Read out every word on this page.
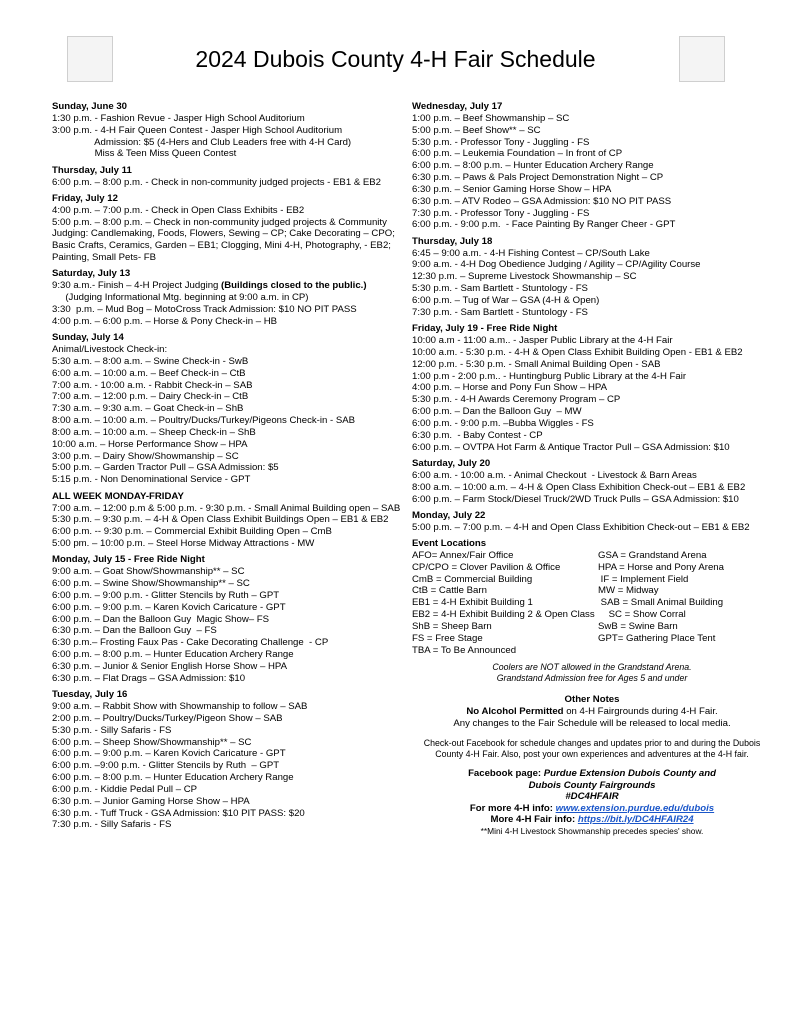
2024 Dubois County 4-H Fair Schedule
Sunday, June 30
1:30 p.m. - Fashion Revue - Jasper High School Auditorium
3:00 p.m. - 4-H Fair Queen Contest - Jasper High School Auditorium
Admission: $5 (4-Hers and Club Leaders free with 4-H Card)
Miss & Teen Miss Queen Contest
Thursday, July 11
6:00 p.m. – 8:00 p.m. - Check in non-community judged projects - EB1 & EB2
Friday, July 12
4:00 p.m. – 7:00 p.m. - Check in Open Class Exhibits - EB2
5:00 p.m. – 8:00 p.m. – Check in non-community judged projects & Community
Judging: Candlemaking, Foods, Flowers, Sewing – CP; Cake Decorating – CPO;
Basic Crafts, Ceramics, Garden – EB1; Clogging, Mini 4-H, Photography, - EB2;
Painting, Small Pets- FB
Saturday, July 13
9:30 a.m.- Finish – 4-H Project Judging (Buildings closed to the public.)
(Judging Informational Mtg. beginning at 9:00 a.m. in CP)
3:30  p.m. – Mud Bog – MotoCross Track Admission: $10 NO PIT PASS
4:00 p.m. – 6:00 p.m. – Horse & Pony Check-in – HB
Sunday, July 14
Animal/Livestock Check-in:
5:30 a.m. – 8:00 a.m. – Swine Check-in - SwB
6:00 a.m. – 10:00 a.m. – Beef Check-in – CtB
7:00 a.m. - 10:00 a.m. - Rabbit Check-in – SAB
7:00 a.m. – 12:00 p.m. – Dairy Check-in – CtB
7:30 a.m. – 9:30 a.m. – Goat Check-in – ShB
8:00 a.m. – 10:00 a.m. – Poultry/Ducks/Turkey/Pigeons Check-in - SAB
8:00 a.m. – 10:00 a.m. – Sheep Check-in – ShB
10:00 a.m. – Horse Performance Show – HPA
3:00 p.m. – Dairy Show/Showmanship – SC
5:00 p.m. – Garden Tractor Pull – GSA Admission: $5
5:15 p.m. - Non Denominational Service - GPT
ALL WEEK MONDAY-FRIDAY
7:00 a.m. – 12:00 p.m & 5:00 p.m. - 9:30 p.m. - Small Animal Building open – SAB
5:30 p.m. – 9:30 p.m. – 4-H & Open Class Exhibit Buildings Open – EB1 & EB2
6:00 p.m. -- 9:30 p.m. – Commercial Exhibit Building Open – CmB
5:00 pm. – 10:00 p.m. – Steel Horse Midway Attractions - MW
Monday, July 15 - Free Ride Night
9:00 a.m. – Goat Show/Showmanship** – SC
6:00 p.m. – Swine Show/Showmanship** – SC
6:00 p.m. – 9:00 p.m. - Glitter Stencils by Ruth – GPT
6:00 p.m. – 9:00 p.m. – Karen Kovich Caricature - GPT
6:00 p.m. – Dan the Balloon Guy  Magic Show– FS
6:30 p.m. – Dan the Balloon Guy  – FS
6:30 p.m.– Frosting Faux Pas - Cake Decorating Challenge  - CP
6:00 p.m. – 8:00 p.m. – Hunter Education Archery Range
6:30 p.m. – Junior & Senior English Horse Show – HPA
6:30 p.m. – Flat Drags – GSA Admission: $10
Tuesday, July 16
9:00 a.m. – Rabbit Show with Showmanship to follow – SAB
2:00 p.m. – Poultry/Ducks/Turkey/Pigeon Show – SAB
5:30 p.m. - Silly Safaris - FS
6:00 p.m. – Sheep Show/Showmanship** – SC
6:00 p.m. – 9:00 p.m. – Karen Kovich Caricature - GPT
6:00 p.m. –9:00 p.m. - Glitter Stencils by Ruth  – GPT
6:00 p.m. – 8:00 p.m. – Hunter Education Archery Range
6:00 p.m. - Kiddie Pedal Pull – CP
6:30 p.m. – Junior Gaming Horse Show – HPA
6:30 p.m. - Tuff Truck - GSA Admission: $10 PIT PASS: $20
7:30 p.m. - Silly Safaris - FS
Wednesday, July 17
1:00 p.m. – Beef Showmanship – SC
5:00 p.m. – Beef Show** – SC
5:30 p.m. - Professor Tony - Juggling - FS
6:00 p.m. – Leukemia Foundation – In front of CP
6:00 p.m. – 8:00 p.m. – Hunter Education Archery Range
6:30 p.m. – Paws & Pals Project Demonstration Night – CP
6:30 p.m. – Senior Gaming Horse Show – HPA
6:30 p.m. – ATV Rodeo – GSA Admission: $10 NO PIT PASS
7:30 p.m. - Professor Tony - Juggling - FS
6:00 p.m. - 9:00 p.m.  - Face Painting By Ranger Cheer - GPT
Thursday, July 18
6:45 – 9:00 a.m. - 4-H Fishing Contest – CP/South Lake
9:00 a.m. - 4-H Dog Obedience Judging / Agility – CP/Agility Course
12:30 p.m. – Supreme Livestock Showmanship – SC
5:30 p.m. - Sam Bartlett - Stuntology - FS
6:00 p.m. – Tug of War – GSA (4-H & Open)
7:30 p.m. - Sam Bartlett - Stuntology - FS
Friday, July 19 - Free Ride Night
10:00 a.m - 11:00 a.m.. - Jasper Public Library at the 4-H Fair
10:00 a.m. - 5:30 p.m. - 4-H & Open Class Exhibit Building Open - EB1 & EB2
12:00 p.m. - 5:30 p.m. - Small Animal Building Open - SAB
1:00 p.m - 2:00 p.m.. - Huntingburg Public Library at the 4-H Fair
4:00 p.m. – Horse and Pony Fun Show – HPA
5:30 p.m. - 4-H Awards Ceremony Program – CP
6:00 p.m. – Dan the Balloon Guy  – MW
6:00 p.m. - 9:00 p.m. –Bubba Wiggles - FS
6:30 p.m.  - Baby Contest - CP
6:00 p.m. – OVTPA Hot Farm & Antique Tractor Pull – GSA Admission: $10
Saturday, July 20
6:00 a.m. - 10:00 a.m. - Animal Checkout  - Livestock & Barn Areas
8:00 a.m. – 10:00 a.m. – 4-H & Open Class Exhibition Check-out – EB1 & EB2
6:00 p.m. – Farm Stock/Diesel Truck/2WD Truck Pulls – GSA Admission: $10
Monday, July 22
5:00 p.m. – 7:00 p.m. – 4-H and Open Class Exhibition Check-out – EB1 & EB2
Event Locations
AFO= Annex/Fair Office	GSA = Grandstand Arena
CP/CPO = Clover Pavilion & Office	HPA = Horse and Pony Arena
CmB = Commercial Building	IF = Implement Field
CtB = Cattle Barn	MW = Midway
EB1 = 4-H Exhibit Building 1	SAB = Small Animal Building
EB2 = 4-H Exhibit Building 2 & Open Class SC = Show Corral
ShB = Sheep Barn	SwB = Swine Barn
FS = Free Stage	GPT= Gathering Place Tent
TBA = To Be Announced
Coolers are NOT allowed in the Grandstand Arena.
Grandstand Admission free for Ages 5 and under
Other Notes
No Alcohol Permitted on 4-H Fairgrounds during 4-H Fair.
Any changes to the Fair Schedule will be released to local media.
Check-out Facebook for schedule changes and updates prior to and during the Dubois County 4-H Fair. Also, post your own experiences and adventures at the 4-H fair.
Facebook page: Purdue Extension Dubois County and
Dubois County Fairgrounds
#DC4HFAIR
For more 4-H info: www.extension.purdue.edu/dubois
More 4-H Fair info: https://bit.ly/DC4HFAIR24
**Mini 4-H Livestock Showmanship precedes species' show.
